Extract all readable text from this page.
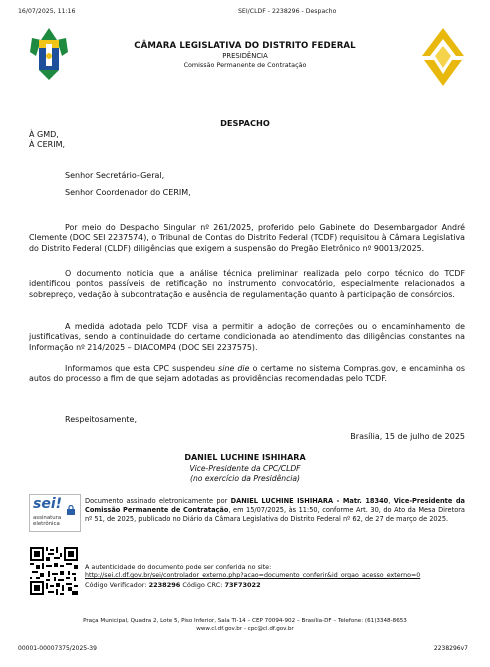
16/07/2025, 11:16	SEI/CLDF - 2238296 - Despacho
CÂMARA LEGISLATIVA DO DISTRITO FEDERAL
PRESIDÊNCIA
Comissão Permanente de Contratação
DESPACHO
À GMD,
À CERIM,
Senhor Secretário-Geral,
Senhor Coordenador do CERIM,

Por meio do Despacho Singular nº 261/2025, proferido pelo Gabinete do Desembargador André Clemente (DOC SEI 2237574), o Tribunal de Contas do Distrito Federal (TCDF) requisitou à Câmara Legislativa do Distrito Federal (CLDF) diligências que exigem a suspensão do Pregão Eletrônico nº 90013/2025.

O documento noticia que a análise técnica preliminar realizada pelo corpo técnico do TCDF identificou pontos passíveis de retificação no instrumento convocatório, especialmente relacionados a sobrepreço, vedação à subcontratação e ausência de regulamentação quanto à participação de consórcios.

A medida adotada pelo TCDF visa a permitir a adoção de correções ou o encaminhamento de justificativas, sendo a continuidade do certame condicionada ao atendimento das diligências constantes na Informação nº 214/2025 – DIACOMP4 (DOC SEI 2237575).

Informamos que esta CPC suspendeu sine die o certame no sistema Compras.gov, e encaminha os autos do processo a fim de que sejam adotadas as providências recomendadas pelo TCDF.

Respeitosamente,
Brasília, 15 de julho de 2025
DANIEL LUCHINE ISHIHARA
Vice-Presidente da CPC/CLDF
(no exercício da Presidência)
sei!
assinatura
eletrônica
Documento assinado eletronicamente por DANIEL LUCHINE ISHIHARA - Matr. 18340, Vice-Presidente da Comissão Permanente de Contratação, em 15/07/2025, às 11:50, conforme Art. 30, do Ato da Mesa Diretora nº 51, de 2025, publicado no Diário da Câmara Legislativa do Distrito Federal nº 62, de 27 de março de 2025.
A autenticidade do documento pode ser conferida no site:
http://sei.cl.df.gov.br/sei/controlador_externo.php?acao=documento_conferir&id_orgao_acesso_externo=0
Código Verificador: 2238296 Código CRC: 73F73022
Praça Municipal, Quadra 2, Lote 5, Piso Inferior, Sala TI-14 – CEP 70094-902 – Brasília-DF – Telefone: (61)3348-8653
www.cl.df.gov.br - cpc@cl.df.gov.br
00001-00007375/2025-39	2238296v7
